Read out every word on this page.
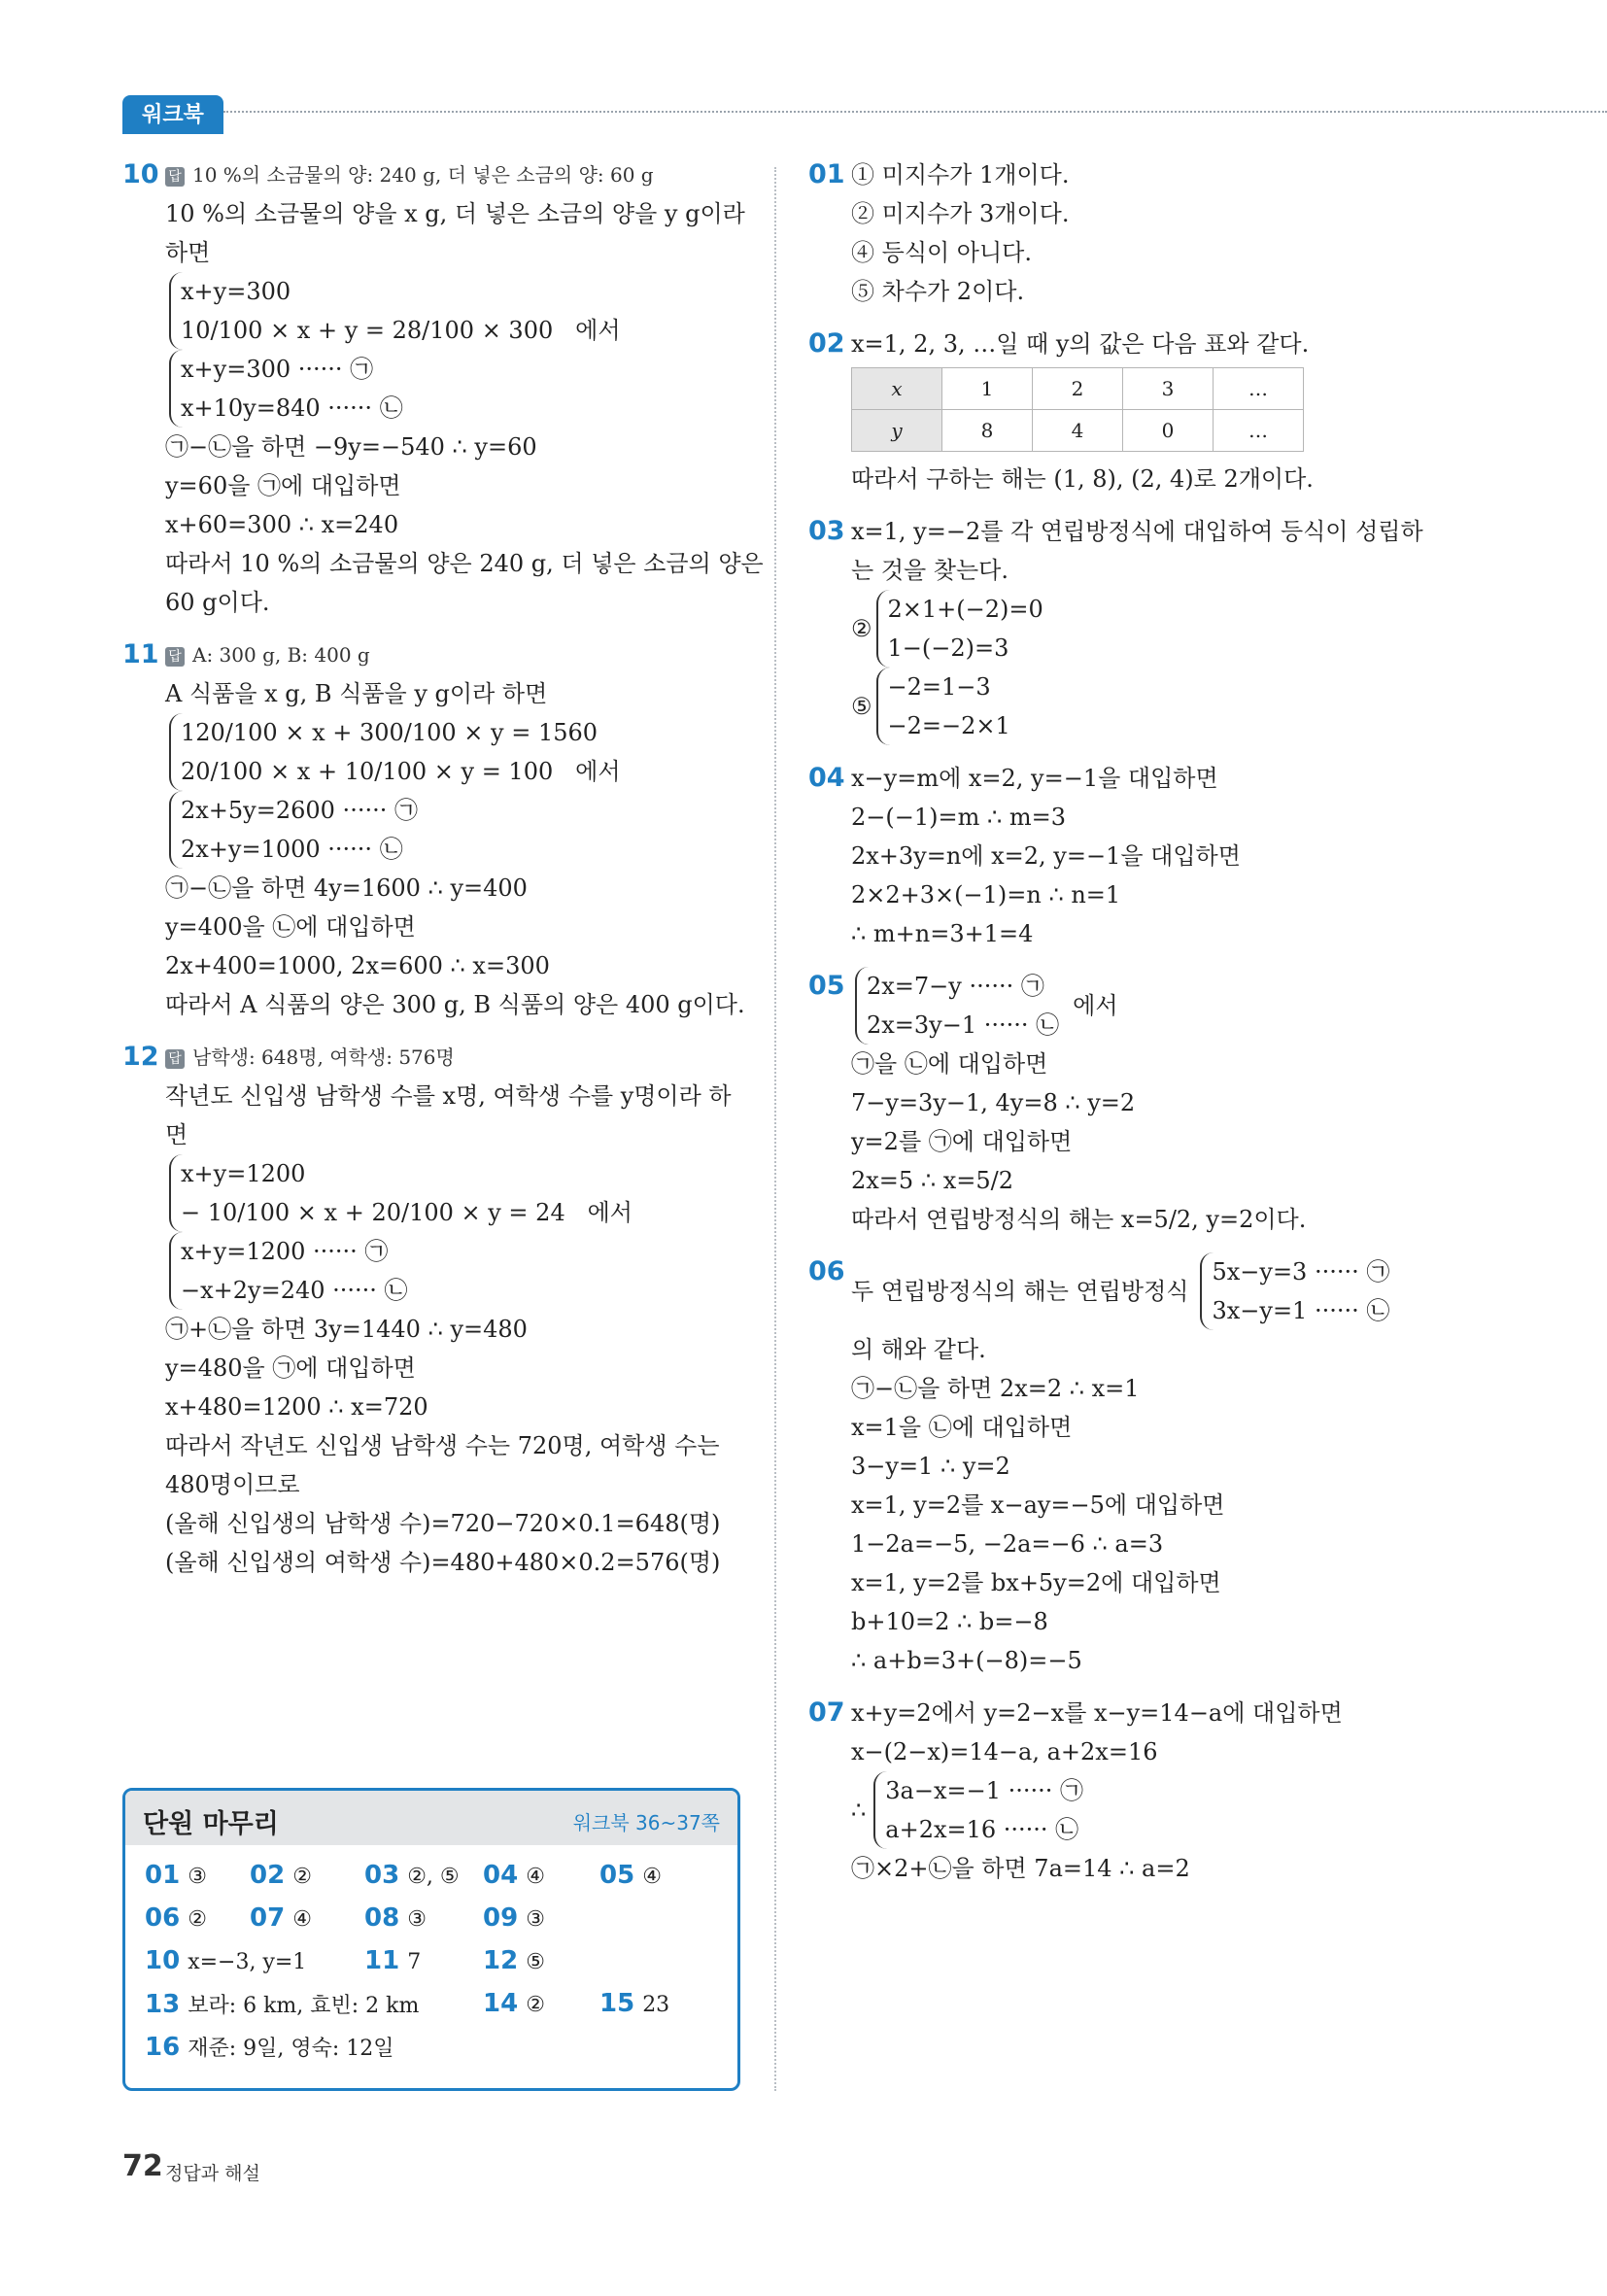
워크북
10 답 10 %의 소금물의 양: 240 g, 더 넣은 소금의 양: 60 g
10 %의 소금물의 양을 x g, 더 넣은 소금의 양을 y g이라
하면
x+y=300
10/100 × x + y = 28/100 × 300 에서
x+y=300 ······ ㉠
x+10y=840 ······ ㉡
㉠−㉡을 하면 −9y=−540 ∴ y=60
y=60을 ㉠에 대입하면
x+60=300 ∴ x=240
따라서 10 %의 소금물의 양은 240 g, 더 넣은 소금의 양은
60 g이다.
11 답 A: 300 g, B: 400 g
A 식품을 x g, B 식품을 y g이라 하면
120/100 × x + 300/100 × y = 1560
20/100 × x + 10/100 × y = 100 에서
2x+5y=2600 ······ ㉠
2x+y=1000 ······ ㉡
㉠−㉡을 하면 4y=1600 ∴ y=400
y=400을 ㉡에 대입하면
2x+400=1000, 2x=600 ∴ x=300
따라서 A 식품의 양은 300 g, B 식품의 양은 400 g이다.
12 답 남학생: 648명, 여학생: 576명
작년도 신입생 남학생 수를 x명, 여학생 수를 y명이라 하
면
x+y=1200
− 10/100 × x + 20/100 × y = 24 에서
x+y=1200 ······ ㉠
−x+2y=240 ······ ㉡
㉠+㉡을 하면 3y=1440 ∴ y=480
y=480을 ㉠에 대입하면
x+480=1200 ∴ x=720
따라서 작년도 신입생 남학생 수는 720명, 여학생 수는
480명이므로
(올해 신입생의 남학생 수)=720−720×0.1=648(명)
(올해 신입생의 여학생 수)=480+480×0.2=576(명)
단원 마무리	워크북 36~37쪽
01 ③ 02 ② 03 ②, ⑤ 04 ④ 05 ④
06 ② 07 ④ 08 ③ 09 ③
10 x=−3, y=1 11 7 12 ⑤
13 보라: 6 km, 효빈: 2 km	14 ② 15 23
16 재준: 9일, 영숙: 12일
01 ① 미지수가 1개이다.
② 미지수가 3개이다.
④ 등식이 아니다.
⑤ 차수가 2이다.
02 x=1, 2, 3, …일 때 y의 값은 다음 표와 같다.
x	1	2	3	…
y	8	4	0	…
따라서 구하는 해는 (1, 8), (2, 4)로 2개이다.
03 x=1, y=−2를 각 연립방정식에 대입하여 등식이 성립하
는 것을 찾는다.
②
2×1+(−2)=0
1−(−2)=3
⑤
−2=1−3
−2=−2×1
04 x−y=m에 x=2, y=−1을 대입하면
2−(−1)=m ∴ m=3
2x+3y=n에 x=2, y=−1을 대입하면
2×2+3×(−1)=n ∴ n=1
∴ m+n=3+1=4
05 2x=7−y ······ ㉠
2x=3y−1 ······ ㉡
에서
㉠을 ㉡에 대입하면
7−y=3y−1, 4y=8 ∴ y=2
y=2를 ㉠에 대입하면
2x=5 ∴ x=5/2
따라서 연립방정식의 해는 x=5/2, y=2이다.
06
두 연립방정식의 해는 연립방정식
5x−y=3 ······ ㉠
3x−y=1 ······ ㉡
의 해와 같다.
㉠−㉡을 하면 2x=2 ∴ x=1
x=1을 ㉡에 대입하면
3−y=1 ∴ y=2
x=1, y=2를 x−ay=−5에 대입하면
1−2a=−5, −2a=−6 ∴ a=3
x=1, y=2를 bx+5y=2에 대입하면
b+10=2 ∴ b=−8
∴ a+b=3+(−8)=−5
07 x+y=2에서 y=2−x를 x−y=14−a에 대입하면
x−(2−x)=14−a, a+2x=16
∴
3a−x=−1 ······ ㉠
a+2x=16 ······ ㉡
㉠×2+㉡을 하면 7a=14 ∴ a=2
72 정답과 해설
